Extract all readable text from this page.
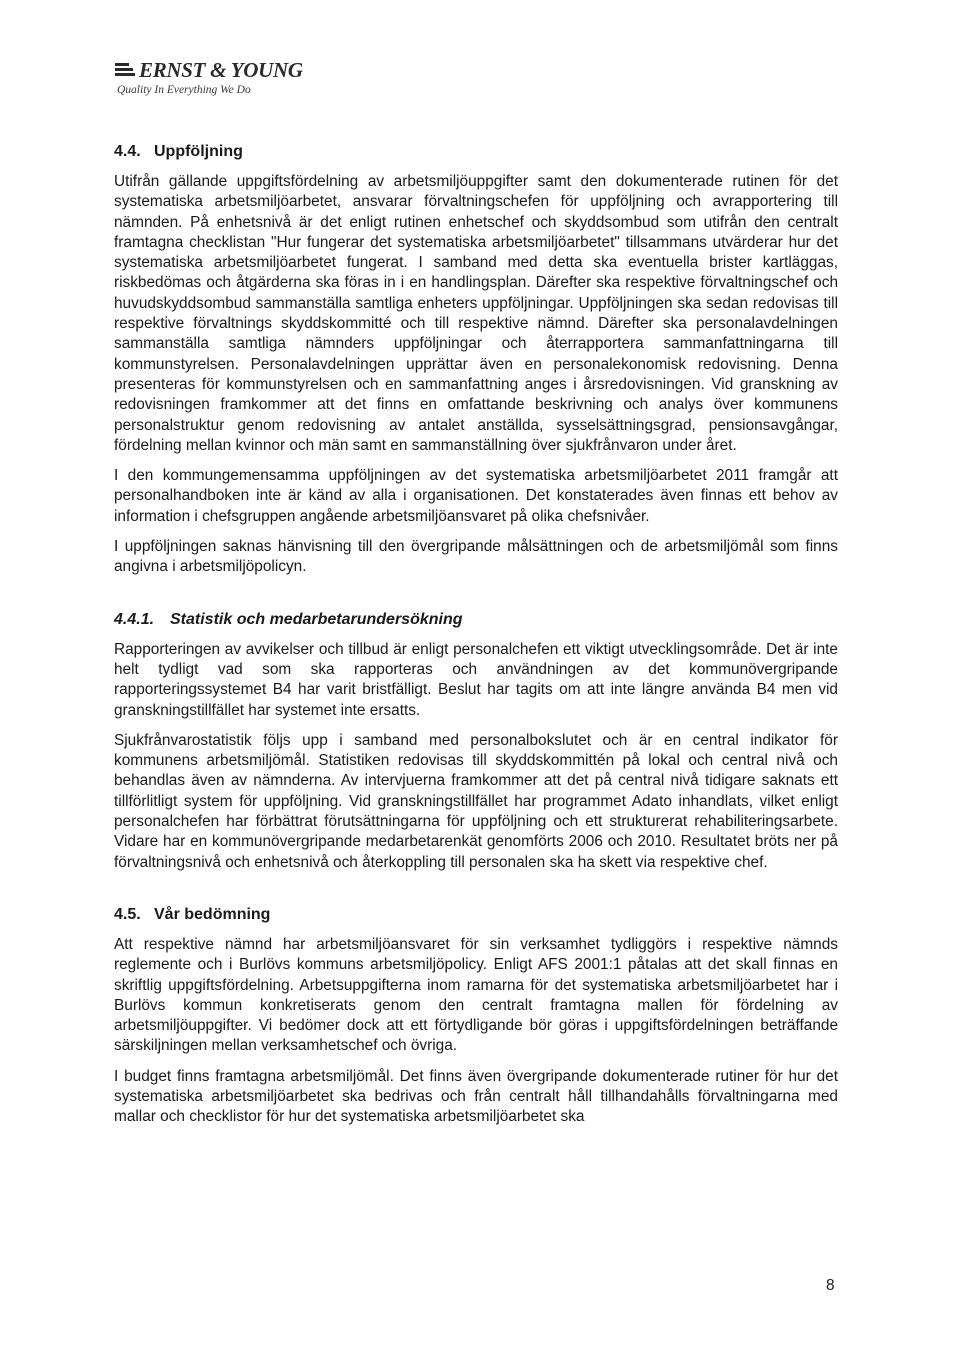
ERNST & YOUNG
Quality In Everything We Do
4.4. Uppföljning

Utifrån gällande uppgiftsfördelning av arbetsmiljöuppgifter samt den dokumenterade rutinen för det systematiska arbetsmiljöarbetet, ansvarar förvaltningschefen för uppföljning och avrapportering till nämnden. På enhetsnivå är det enligt rutinen enhetschef och skyddsombud som utifrån den centralt framtagna checklistan "Hur fungerar det systematiska arbetsmiljöarbetet" tillsammans utvärderar hur det systematiska arbetsmiljöarbetet fungerat. I samband med detta ska eventuella brister kartläggas, riskbedömas och åtgärderna ska föras in i en handlingsplan. Därefter ska respektive förvaltningschef och huvudskyddsombud sammanställa samtliga enheters uppföljningar. Uppföljningen ska sedan redovisas till respektive förvaltnings skyddskommitté och till respektive nämnd. Därefter ska personalavdelningen sammanställa samtliga nämnders uppföljningar och återrapportera sammanfattningarna till kommunstyrelsen. Personalavdelningen upprättar även en personalekonomisk redovisning. Denna presenteras för kommunstyrelsen och en sammanfattning anges i årsredovisningen. Vid granskning av redovisningen framkommer att det finns en omfattande beskrivning och analys över kommunens personalstruktur genom redovisning av antalet anställda, sysselsättningsgrad, pensionsavgångar, fördelning mellan kvinnor och män samt en sammanställning över sjukfrånvaron under året.

I den kommungemensamma uppföljningen av det systematiska arbetsmiljöarbetet 2011 framgår att personalhandboken inte är känd av alla i organisationen. Det konstaterades även finnas ett behov av information i chefsgruppen angående arbetsmiljöansvaret på olika chefsnivåer.

I uppföljningen saknas hänvisning till den övergripande målsättningen och de arbetsmiljömål som finns angivna i arbetsmiljöpolicyn.

4.4.1. Statistik och medarbetarundersökning

Rapporteringen av avvikelser och tillbud är enligt personalchefen ett viktigt utvecklingsområde. Det är inte helt tydligt vad som ska rapporteras och användningen av det kommunövergripande rapporteringssystemet B4 har varit bristfälligt. Beslut har tagits om att inte längre använda B4 men vid granskningstillfället har systemet inte ersatts.

Sjukfrånvarostatistik följs upp i samband med personalbokslutet och är en central indikator för kommunens arbetsmiljömål. Statistiken redovisas till skyddskommittén på lokal och central nivå och behandlas även av nämnderna. Av intervjuerna framkommer att det på central nivå tidigare saknats ett tillförlitligt system för uppföljning. Vid granskningstillfället har programmet Adato inhandlats, vilket enligt personalchefen har förbättrat förutsättningarna för uppföljning och ett strukturerat rehabiliteringsarbete. Vidare har en kommunövergripande medarbetarenkät genomförts 2006 och 2010. Resultatet bröts ner på förvaltningsnivå och enhetsnivå och återkoppling till personalen ska ha skett via respektive chef.

4.5. Vår bedömning

Att respektive nämnd har arbetsmiljöansvaret för sin verksamhet tydliggörs i respektive nämnds reglemente och i Burlövs kommuns arbetsmiljöpolicy. Enligt AFS 2001:1 påtalas att det skall finnas en skriftlig uppgiftsfördelning. Arbetsuppgifterna inom ramarna för det systematiska arbetsmiljöarbetet har i Burlövs kommun konkretiserats genom den centralt framtagna mallen för fördelning av arbetsmiljöuppgifter. Vi bedömer dock att ett förtydligande bör göras i uppgiftsfördelningen beträffande särskiljningen mellan verksamhetschef och övriga.

I budget finns framtagna arbetsmiljömål. Det finns även övergripande dokumenterade rutiner för hur det systematiska arbetsmiljöarbetet ska bedrivas och från centralt håll tillhandahålls förvaltningarna med mallar och checklistor för hur det systematiska arbetsmiljöarbetet ska

8
